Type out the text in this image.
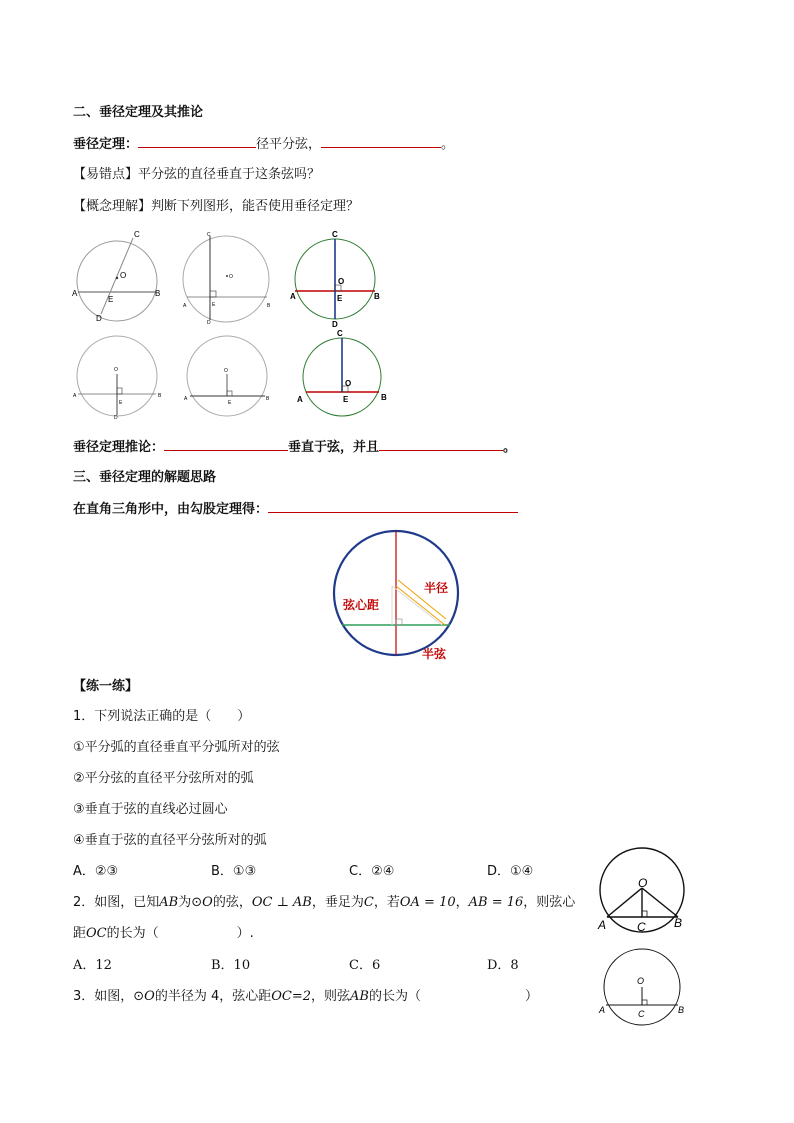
二、垂径定理及其推论
垂径定理：	径平分弦，	。
【易错点】平分弦的直径垂直于这条弦吗？
【概念理解】判断下列图形，能否使用垂径定理？
O
C
A	B
E
D
O
C
A	B
E
D
O
C
A	B
E
D
O
A	B
E
D
O
A	B
E
O
C
A	B
E
垂径定理推论：	垂直于弦，并且	。
三、垂径定理的解题思路
在直角三角形中，由勾股定理得：
半径
弦心距
半弦
【练一练】
1．下列说法正确的是（　　）
①平分弧的直径垂直平分弧所对的弦
②平分弦的直径平分弦所对的弧
③垂直于弦的直线必过圆心
④垂直于弦的直径平分弦所对的弧
A．②③	B．①③	C．②④	D．①④
2．如图，已知AB为⊙O的弦，OC ⊥ AB，垂足为C，若OA = 10，AB = 16，则弦心
距OC的长为（　　　　　　）.
A．12	B．10	C．6	D．8
3．如图，⊙O的半径为 4，弦心距OC=2，则弦AB的长为（　　　　　　　　）
O
A	B
C
O
A	B
C
